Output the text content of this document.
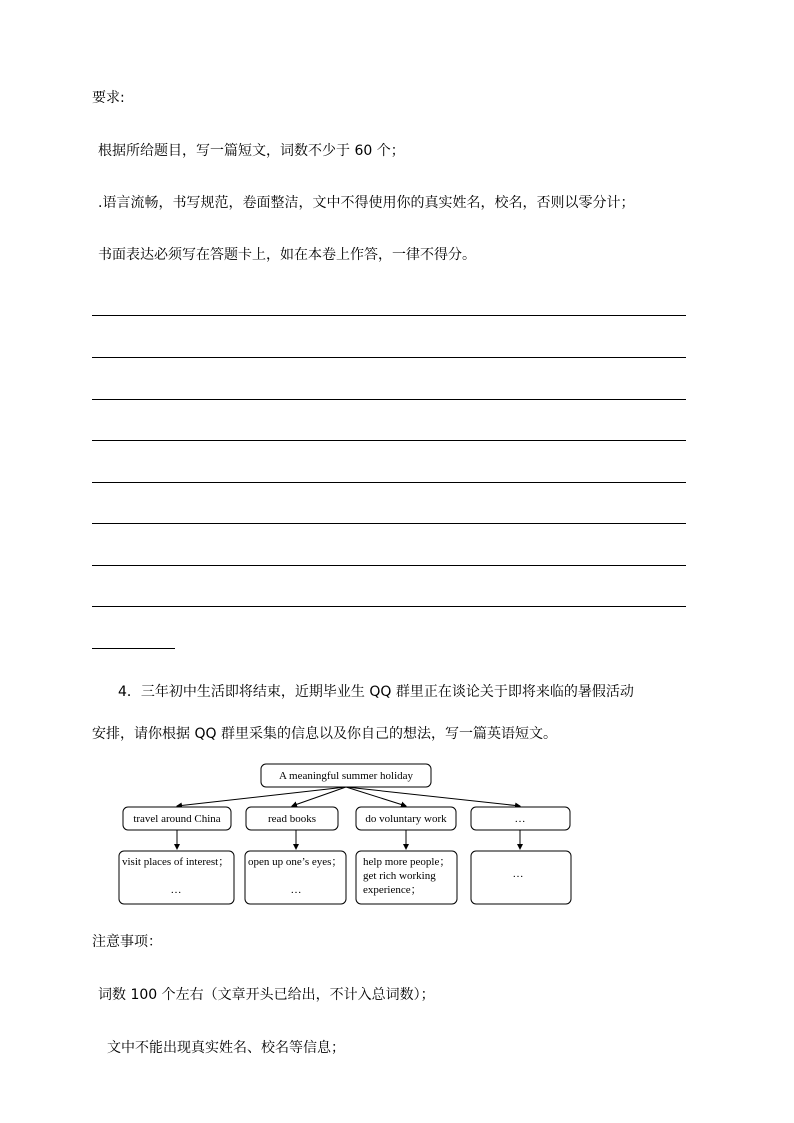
要求:
根据所给题目，写一篇短文，词数不少于 60 个；
.语言流畅，书写规范，卷面整洁，文中不得使用你的真实姓名，校名，否则以零分计；
书面表达必须写在答题卡上，如在本卷上作答，一律不得分。
4．三年初中生活即将结束，近期毕业生 QQ 群里正在谈论关于即将来临的暑假活动
安排，请你根据 QQ 群里采集的信息以及你自己的想法，写一篇英语短文。
A meaningful summer holiday
travel around China	read books	do voluntary work	…
visit places of interest；
…
open up one’s eyes；
…
help more people；
get rich working
experience；
…
注意事项：
词数 100 个左右（文章开头已给出，不计入总词数）；
文中不能出现真实姓名、校名等信息；
